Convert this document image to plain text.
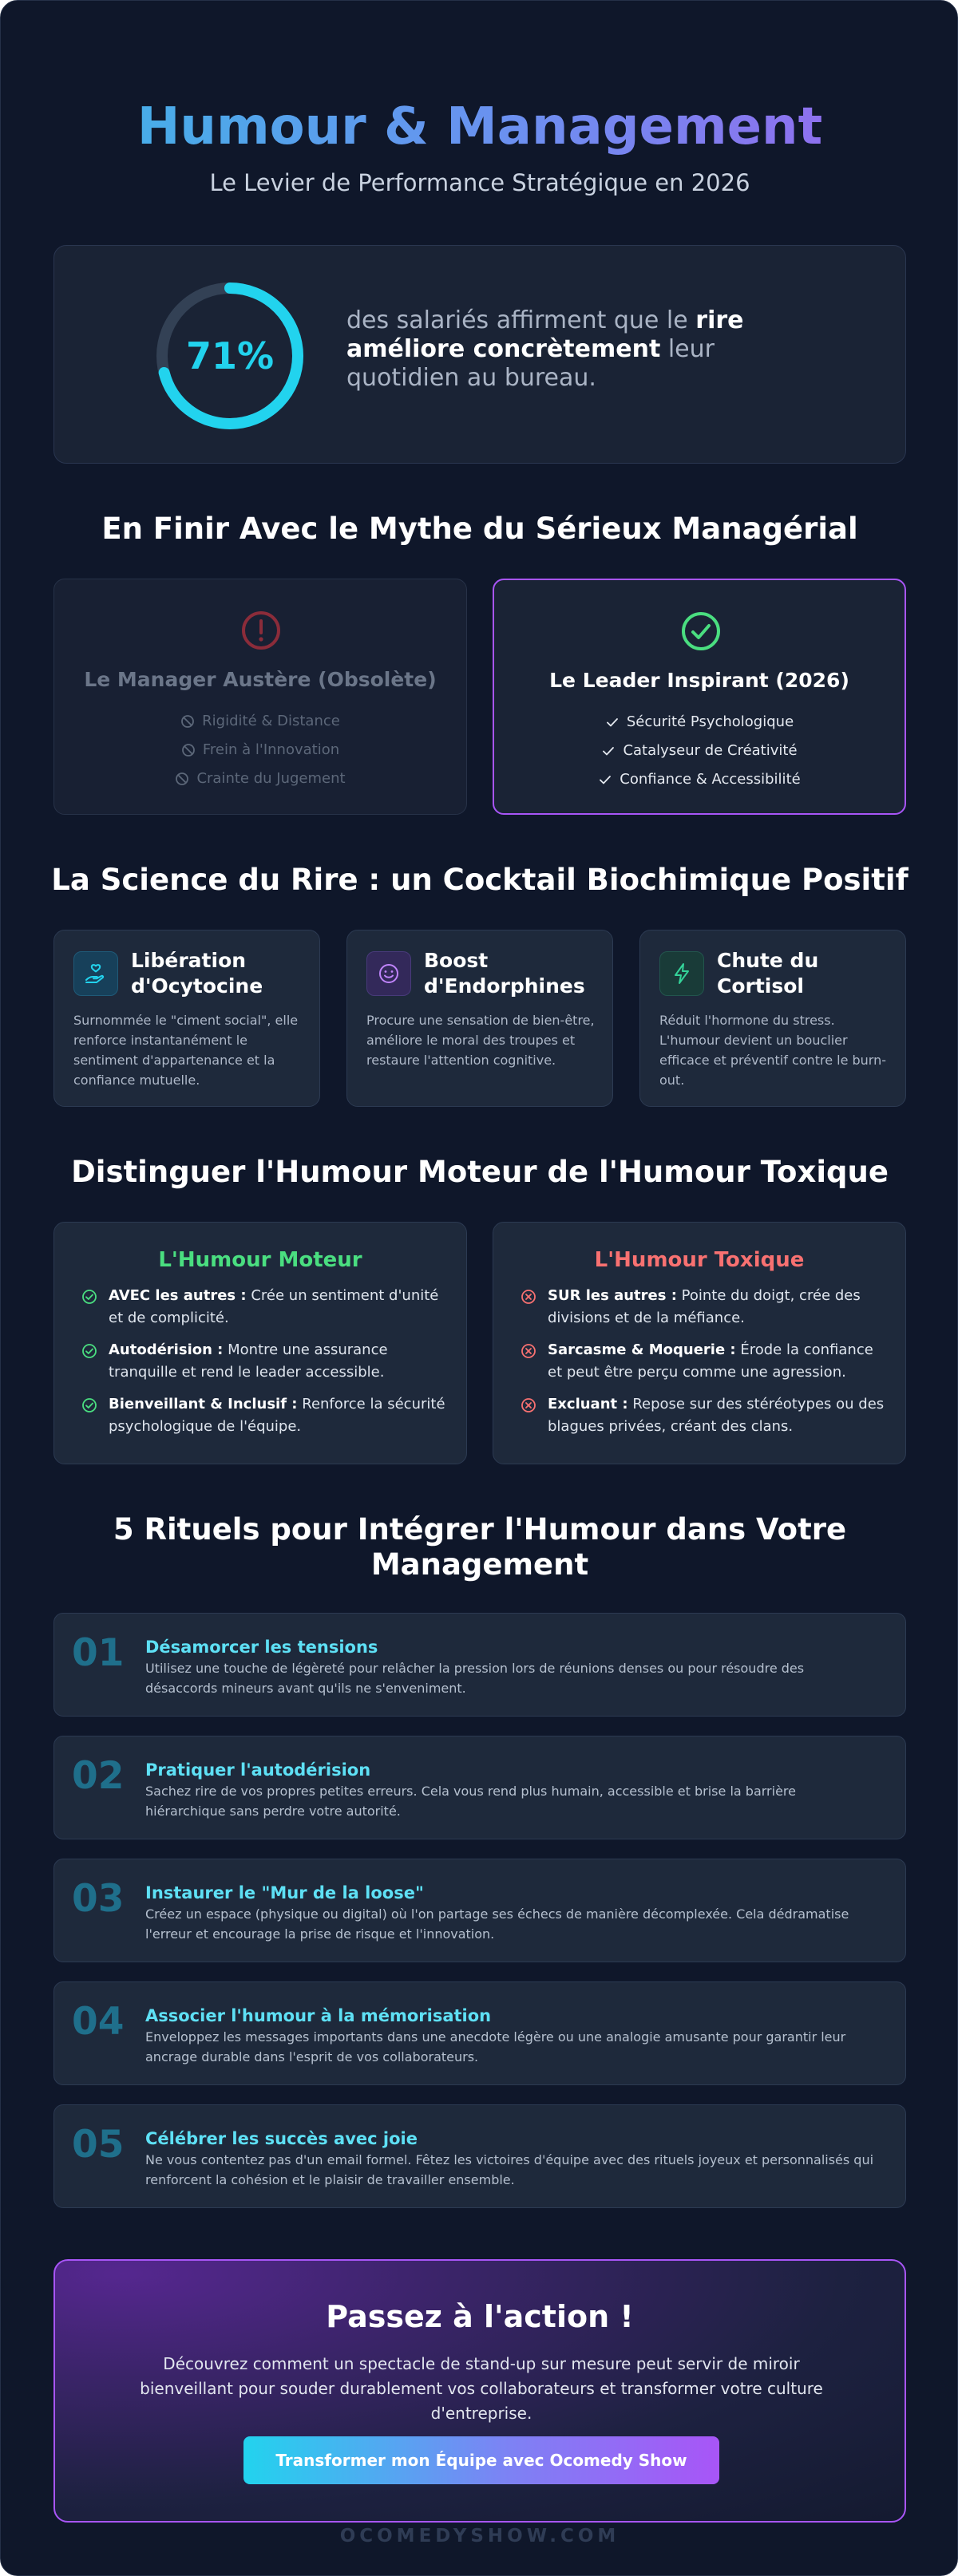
Humour & Management
Le Levier de Performance Stratégique en 2026
71%
des salariés affirment que le rire améliore concrètement leur quotidien au bureau.
En Finir Avec le Mythe du Sérieux Managérial
Le Manager Austère (Obsolète)
Rigidité & Distance
Frein à l'Innovation
Crainte du Jugement
Le Leader Inspirant (2026)
Sécurité Psychologique
Catalyseur de Créativité
Confiance & Accessibilité
La Science du Rire : un Cocktail Biochimique Positif
Libération d'Ocytocine
Surnommée le "ciment social", elle renforce instantanément le sentiment d'appartenance et la confiance mutuelle.
Boost d'Endorphines
Procure une sensation de bien-être, améliore le moral des troupes et restaure l'attention cognitive.
Chute du Cortisol
Réduit l'hormone du stress. L'humour devient un bouclier efficace et préventif contre le burn-out.
Distinguer l'Humour Moteur de l'Humour Toxique
L'Humour Moteur
AVEC les autres : Crée un sentiment d'unité et de complicité.
Autodérision : Montre une assurance tranquille et rend le leader accessible.
Bienveillant & Inclusif : Renforce la sécurité psychologique de l'équipe.
L'Humour Toxique
SUR les autres : Pointe du doigt, crée des divisions et de la méfiance.
Sarcasme & Moquerie : Érode la confiance et peut être perçu comme une agression.
Excluant : Repose sur des stéréotypes ou des blagues privées, créant des clans.
5 Rituels pour Intégrer l'Humour dans Votre Management
01 Désamorcer les tensions
Utilisez une touche de légèreté pour relâcher la pression lors de réunions denses ou pour résoudre des désaccords mineurs avant qu'ils ne s'enveniment.
02 Pratiquer l'autodérision
Sachez rire de vos propres petites erreurs. Cela vous rend plus humain, accessible et brise la barrière hiérarchique sans perdre votre autorité.
03 Instaurer le "Mur de la loose"
Créez un espace (physique ou digital) où l'on partage ses échecs de manière décomplexée. Cela dédramatise l'erreur et encourage la prise de risque et l'innovation.
04 Associer l'humour à la mémorisation
Enveloppez les messages importants dans une anecdote légère ou une analogie amusante pour garantir leur ancrage durable dans l'esprit de vos collaborateurs.
05 Célébrer les succès avec joie
Ne vous contentez pas d'un email formel. Fêtez les victoires d'équipe avec des rituels joyeux et personnalisés qui renforcent la cohésion et le plaisir de travailler ensemble.
Passez à l'action !
Découvrez comment un spectacle de stand-up sur mesure peut servir de miroir bienveillant pour souder durablement vos collaborateurs et transformer votre culture d'entreprise.
Transformer mon Équipe avec Ocomedy Show
OCOMEDYSHOW.COM
